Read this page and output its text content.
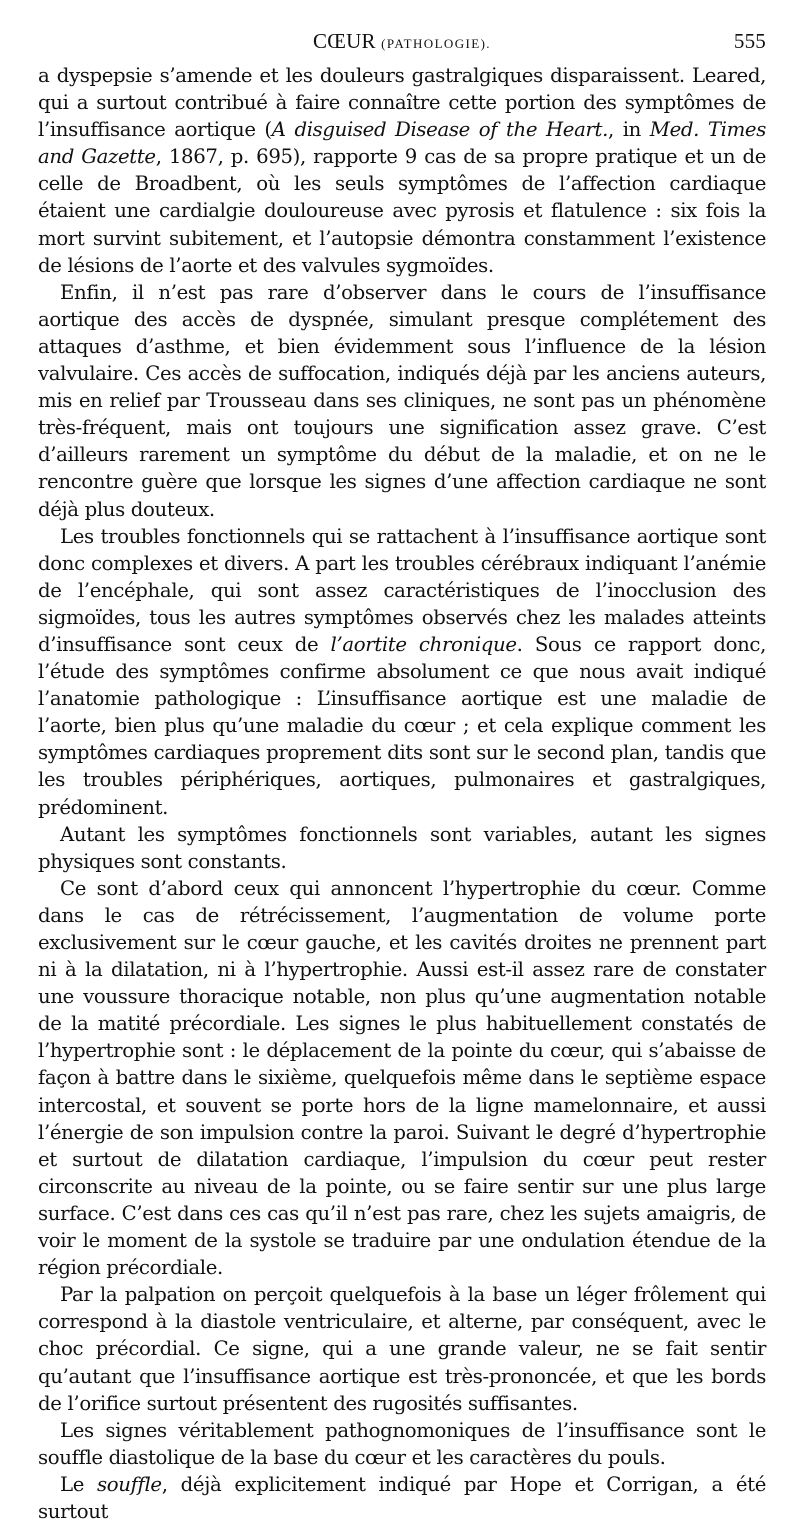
CŒUR (PATHOLOGIE).	555

a dyspepsie s’amende et les douleurs gastralgiques disparaissent. Leared, qui a surtout contribué à faire connaître cette portion des symptômes de l’insuffisance aortique (A disguised Disease of the Heart., in Med. Times and Gazette, 1867, p. 695), rapporte 9 cas de sa propre pratique et un de celle de Broadbent, où les seuls symptômes de l’affection cardiaque étaient une cardialgie douloureuse avec pyrosis et flatulence : six fois la mort survint subitement, et l’autopsie démontra constamment l’existence de lésions de l’aorte et des valvules sygmoïdes.

Enfin, il n’est pas rare d’observer dans le cours de l’insuffisance aortique des accès de dyspnée, simulant presque complétement des attaques d’asthme, et bien évidemment sous l’influence de la lésion valvulaire. Ces accès de suffocation, indiqués déjà par les anciens auteurs, mis en relief par Trousseau dans ses cliniques, ne sont pas un phénomène très-fréquent, mais ont toujours une signification assez grave. C’est d’ailleurs rarement un symptôme du début de la maladie, et on ne le rencontre guère que lorsque les signes d’une affection cardiaque ne sont déjà plus douteux.

Les troubles fonctionnels qui se rattachent à l’insuffisance aortique sont donc complexes et divers. A part les troubles cérébraux indiquant l’anémie de l’encéphale, qui sont assez caractéristiques de l’inocclusion des sigmoïdes, tous les autres symptômes observés chez les malades atteints d’insuffisance sont ceux de l’aortite chronique. Sous ce rapport donc, l’étude des symptômes confirme absolument ce que nous avait indiqué l’anatomie pathologique : L’insuffisance aortique est une maladie de l’aorte, bien plus qu’une maladie du cœur ; et cela explique comment les symptômes cardiaques proprement dits sont sur le second plan, tandis que les troubles périphériques, aortiques, pulmonaires et gastralgiques, prédominent.

Autant les symptômes fonctionnels sont variables, autant les signes physiques sont constants.

Ce sont d’abord ceux qui annoncent l’hypertrophie du cœur. Comme dans le cas de rétrécissement, l’augmentation de volume porte exclusivement sur le cœur gauche, et les cavités droites ne prennent part ni à la dilatation, ni à l’hypertrophie. Aussi est-il assez rare de constater une voussure thoracique notable, non plus qu’une augmentation notable de la matité précordiale. Les signes le plus habituellement constatés de l’hypertrophie sont : le déplacement de la pointe du cœur, qui s’abaisse de façon à battre dans le sixième, quelquefois même dans le septième espace intercostal, et souvent se porte hors de la ligne mamelonnaire, et aussi l’énergie de son impulsion contre la paroi. Suivant le degré d’hypertrophie et surtout de dilatation cardiaque, l’impulsion du cœur peut rester circonscrite au niveau de la pointe, ou se faire sentir sur une plus large surface. C’est dans ces cas qu’il n’est pas rare, chez les sujets amaigris, de voir le moment de la systole se traduire par une ondulation étendue de la région précordiale.

Par la palpation on perçoit quelquefois à la base un léger frôlement qui correspond à la diastole ventriculaire, et alterne, par conséquent, avec le choc précordial. Ce signe, qui a une grande valeur, ne se fait sentir qu’autant que l’insuffisance aortique est très-prononcée, et que les bords de l’orifice surtout présentent des rugosités suffisantes.

Les signes véritablement pathognomoniques de l’insuffisance sont le souffle diastolique de la base du cœur et les caractères du pouls.

Le souffle, déjà explicitement indiqué par Hope et Corrigan, a été surtout
